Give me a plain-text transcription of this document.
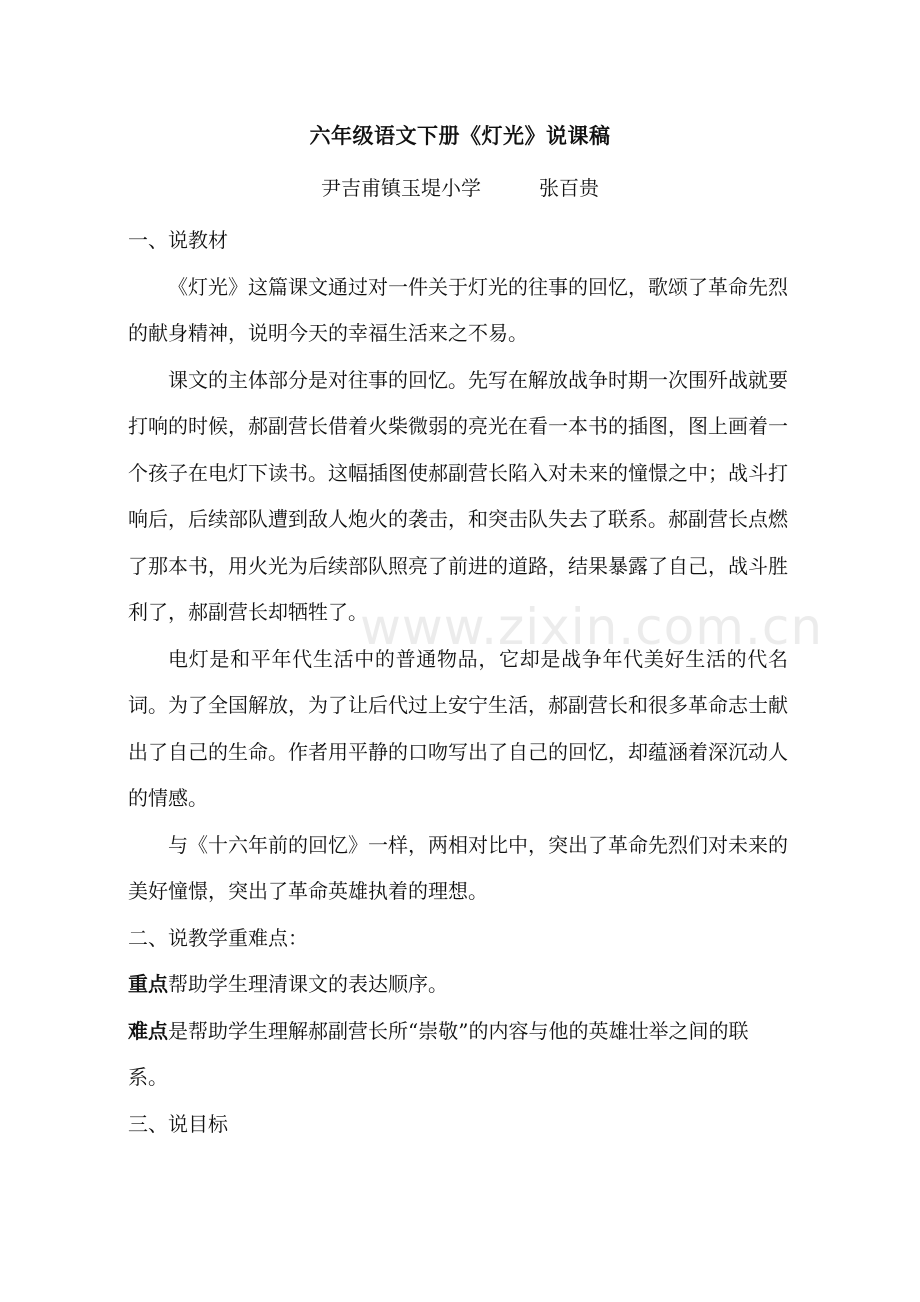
六年级语文下册《灯光》说课稿
尹吉甫镇玉堤小学	张百贵

一、说教材

《灯光》这篇课文通过对一件关于灯光的往事的回忆，歌颂了革命先烈的献身精神，说明今天的幸福生活来之不易。

课文的主体部分是对往事的回忆。先写在解放战争时期一次围歼战就要打响的时候，郝副营长借着火柴微弱的亮光在看一本书的插图，图上画着一个孩子在电灯下读书。这幅插图使郝副营长陷入对未来的憧憬之中；战斗打响后，后续部队遭到敌人炮火的袭击，和突击队失去了联系。郝副营长点燃了那本书，用火光为后续部队照亮了前进的道路，结果暴露了自己，战斗胜利了，郝副营长却牺牲了。

电灯是和平年代生活中的普通物品，它却是战争年代美好生活的代名词。为了全国解放，为了让后代过上安宁生活，郝副营长和很多革命志士献出了自己的生命。作者用平静的口吻写出了自己的回忆，却蕴涵着深沉动人的情感。

与《十六年前的回忆》一样，两相对比中，突出了革命先烈们对未来的美好憧憬，突出了革命英雄执着的理想。

二、说教学重难点：

重点帮助学生理清课文的表达顺序。

难点是帮助学生理解郝副营长所“崇敬”的内容与他的英雄壮举之间的联系。

三、说目标

www.zixin.com.cn
